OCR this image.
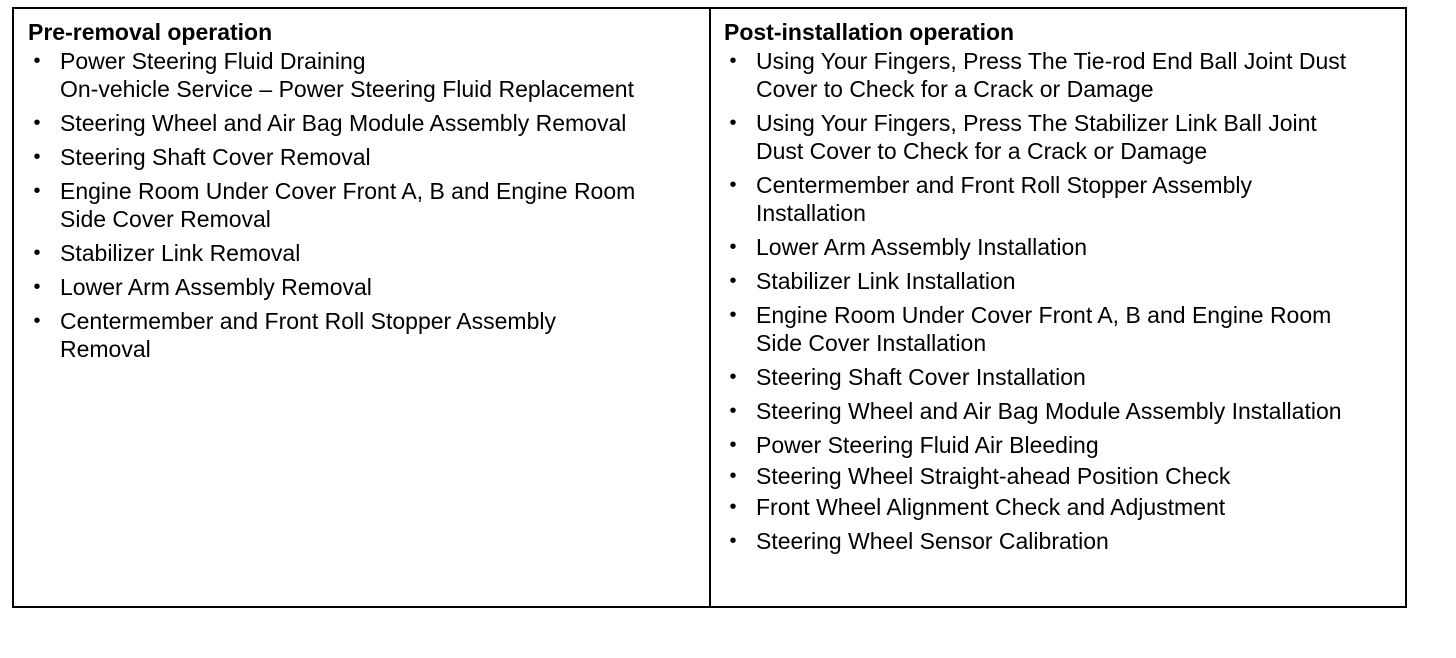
Pre-removal operation

• Power Steering Fluid Draining
On-vehicle Service – Power Steering Fluid Replacement
• Steering Wheel and Air Bag Module Assembly Removal
• Steering Shaft Cover Removal
• Engine Room Under Cover Front A, B and Engine Room
Side Cover Removal
• Stabilizer Link Removal
• Lower Arm Assembly Removal
• Centermember and Front Roll Stopper Assembly
Removal

Post-installation operation

• Using Your Fingers, Press The Tie-rod End Ball Joint Dust
Cover to Check for a Crack or Damage
• Using Your Fingers, Press The Stabilizer Link Ball Joint
Dust Cover to Check for a Crack or Damage
• Centermember and Front Roll Stopper Assembly
Installation
• Lower Arm Assembly Installation
• Stabilizer Link Installation
• Engine Room Under Cover Front A, B and Engine Room
Side Cover Installation
• Steering Shaft Cover Installation
• Steering Wheel and Air Bag Module Assembly Installation
• Power Steering Fluid Air Bleeding
• Steering Wheel Straight-ahead Position Check
• Front Wheel Alignment Check and Adjustment
• Steering Wheel Sensor Calibration
